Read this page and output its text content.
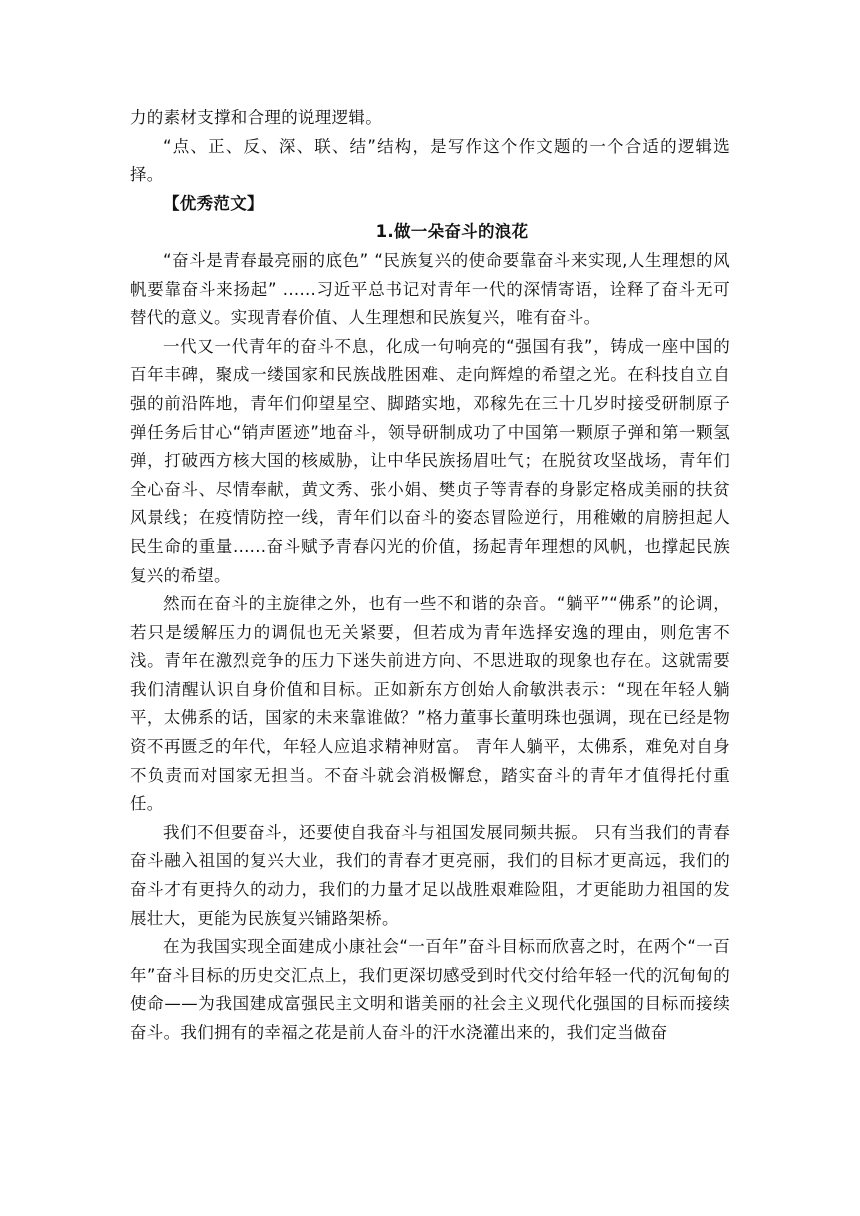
力的素材支撑和合理的说理逻辑。

“点、正、反、深、联、结”结构，是写作这个作文题的一个合适的逻辑选择。

【优秀范文】

1.做一朵奋斗的浪花

“奋斗是青春最亮丽的底色” “民族复兴的使命要靠奋斗来实现,人生理想的风帆要靠奋斗来扬起” ......习近平总书记对青年一代的深情寄语，诠释了奋斗无可替代的意义。实现青春价值、人生理想和民族复兴，唯有奋斗。

一代又一代青年的奋斗不息，化成一句响亮的“强国有我”，铸成一座中国的百年丰碑，聚成一缕国家和民族战胜困难、走向辉煌的希望之光。在科技自立自强的前沿阵地，青年们仰望星空、脚踏实地，邓稼先在三十几岁时接受研制原子弹任务后甘心“销声匿迹”地奋斗，领导研制成功了中国第一颗原子弹和第一颗氢弹，打破西方核大国的核威胁，让中华民族扬眉吐气；在脱贫攻坚战场，青年们全心奋斗、尽情奉献，黄文秀、张小娟、樊贞子等青春的身影定格成美丽的扶贫风景线；在疫情防控一线，青年们以奋斗的姿态冒险逆行，用稚嫩的肩膀担起人民生命的重量......奋斗赋予青春闪光的价值，扬起青年理想的风帆，也撑起民族复兴的希望。

然而在奋斗的主旋律之外，也有一些不和谐的杂音。“躺平”“佛系”的论调，若只是缓解压力的调侃也无关紧要，但若成为青年选择安逸的理由，则危害不浅。青年在激烈竞争的压力下迷失前进方向、不思进取的现象也存在。这就需要我们清醒认识自身价值和目标。正如新东方创始人俞敏洪表示：“现在年轻人躺平，太佛系的话，国家的未来靠谁做？”格力董事长董明珠也强调，现在已经是物资不再匮乏的年代，年轻人应追求精神财富。 青年人躺平，太佛系，难免对自身不负责而对国家无担当。不奋斗就会消极懈怠，踏实奋斗的青年才值得托付重任。

我们不但要奋斗，还要使自我奋斗与祖国发展同频共振。 只有当我们的青春奋斗融入祖国的复兴大业，我们的青春才更亮丽，我们的目标才更高远，我们的奋斗才有更持久的动力，我们的力量才足以战胜艰难险阻，才更能助力祖国的发展壮大，更能为民族复兴铺路架桥。

在为我国实现全面建成小康社会“一百年”奋斗目标而欣喜之时，在两个“一百年”奋斗目标的历史交汇点上，我们更深切感受到时代交付给年轻一代的沉甸甸的使命——为我国建成富强民主文明和谐美丽的社会主义现代化强国的目标而接续奋斗。我们拥有的幸福之花是前人奋斗的汗水浇灌出来的，我们定当做奋
